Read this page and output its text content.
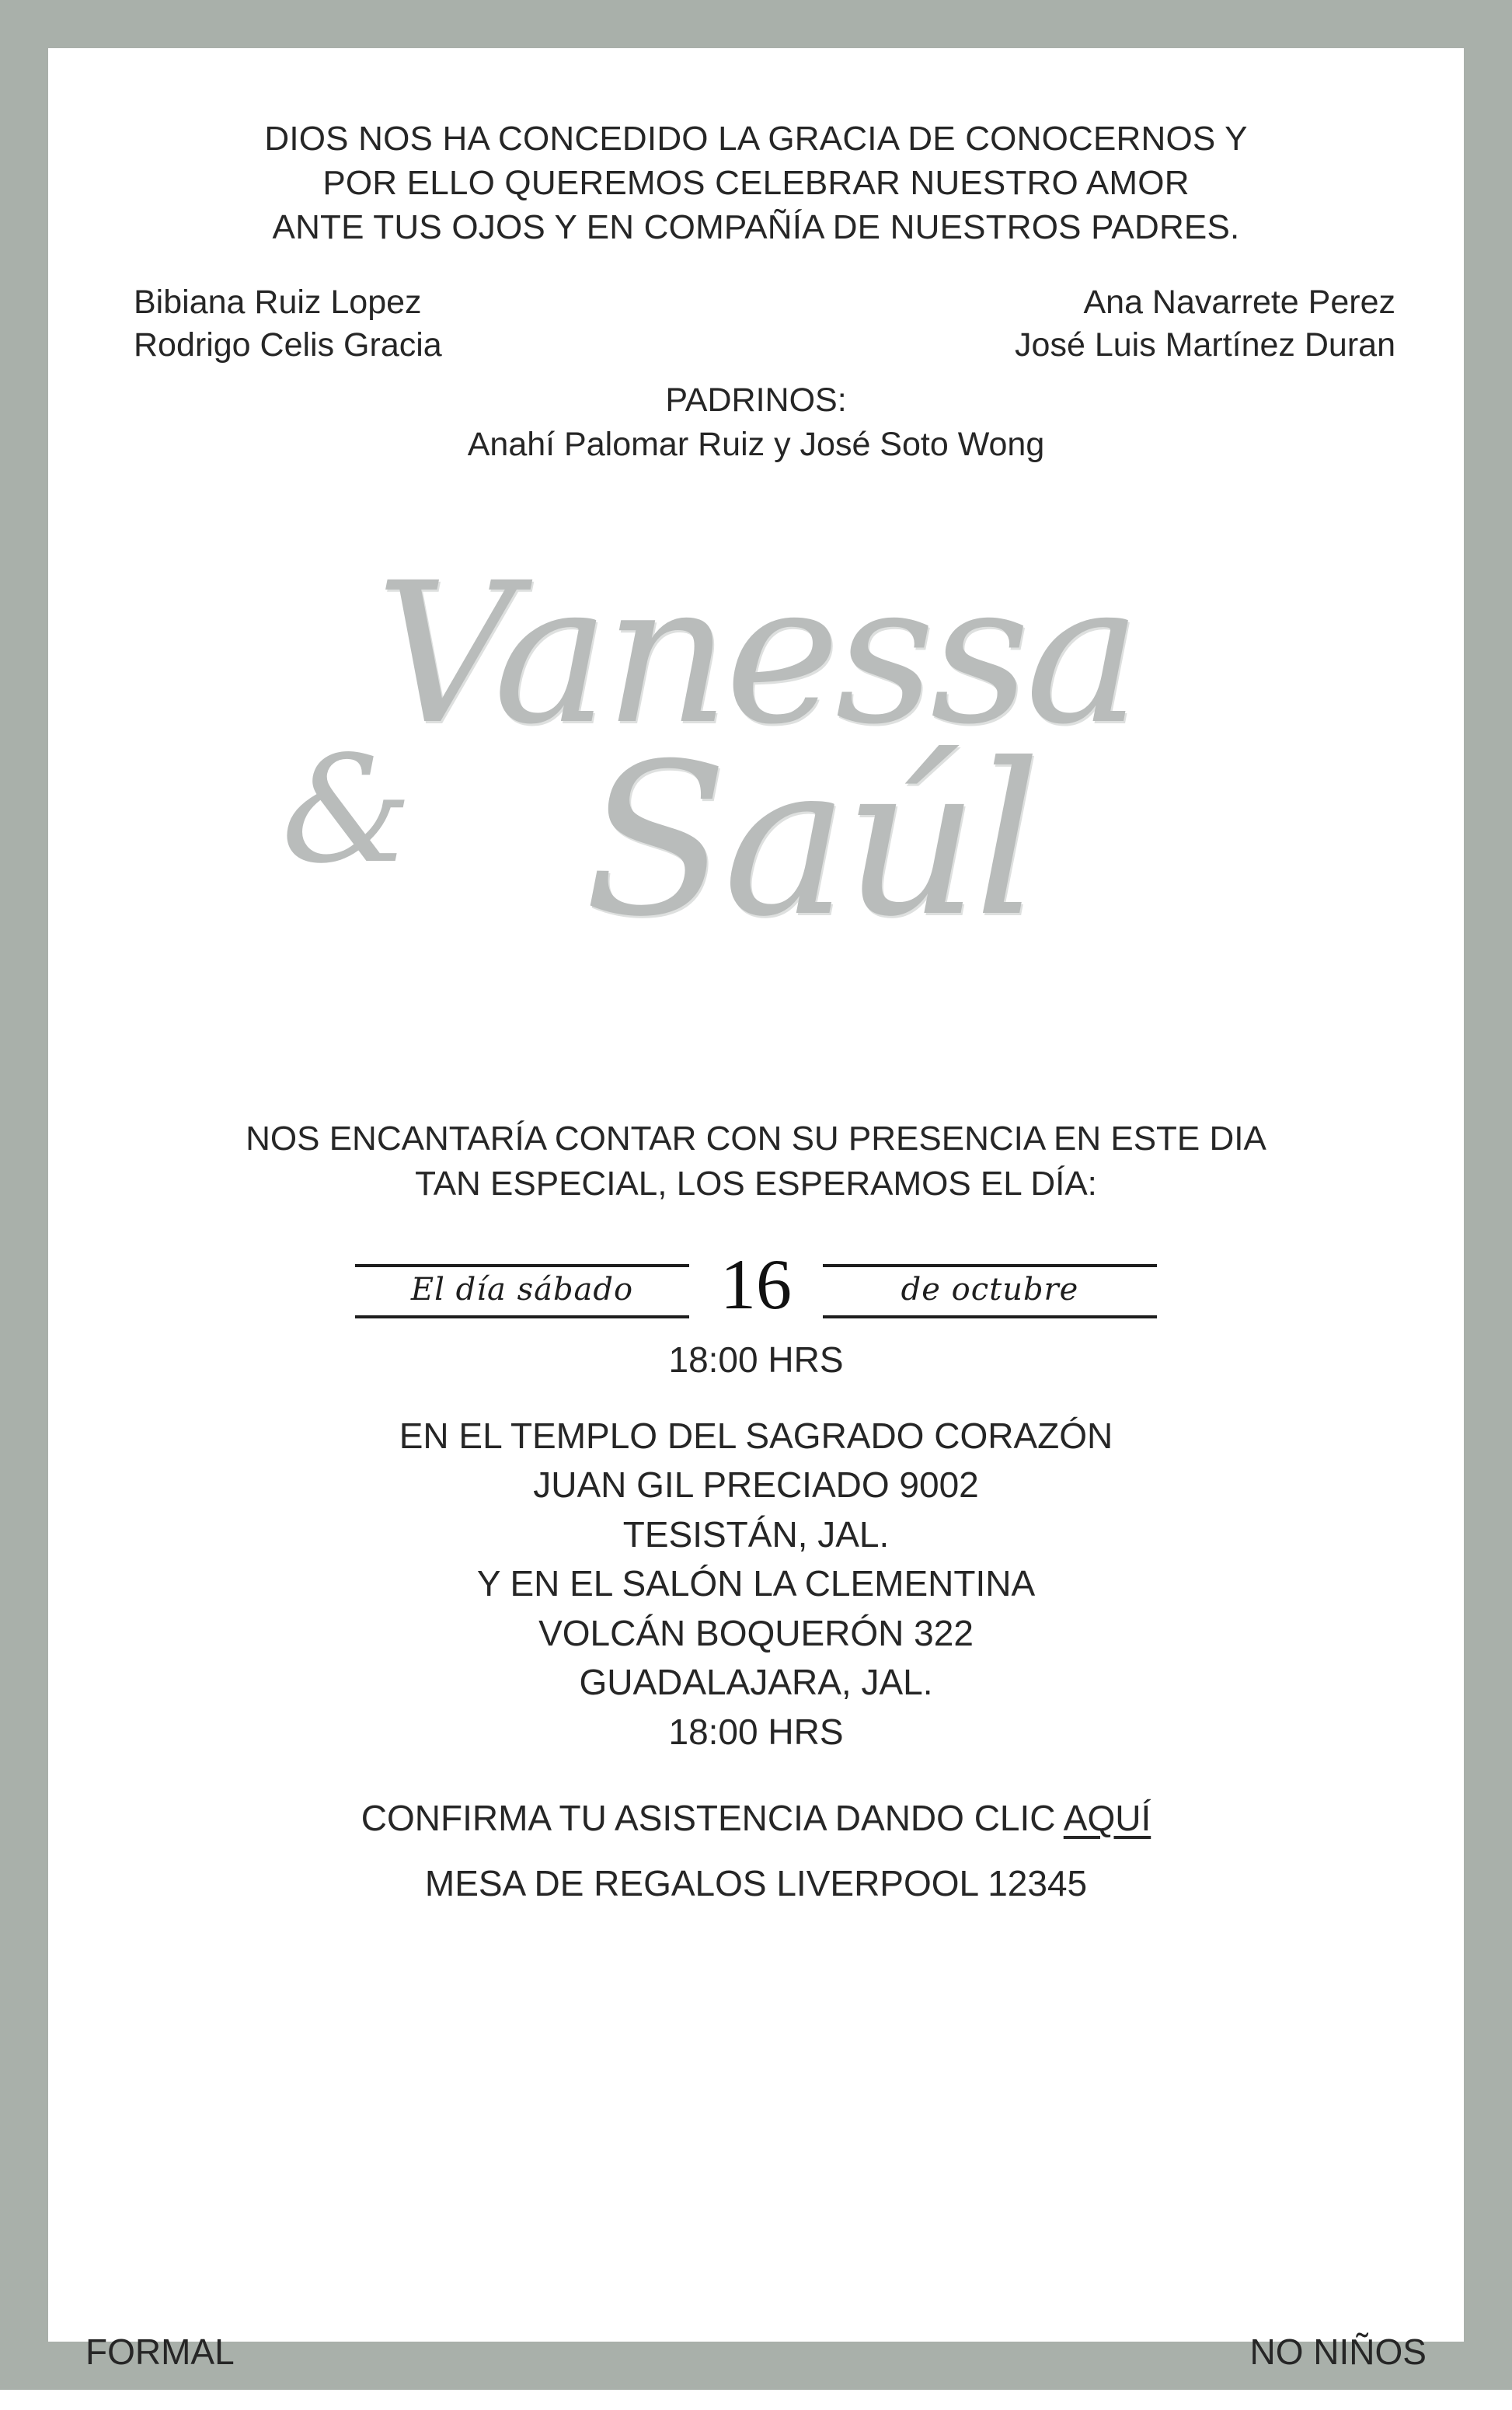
DIOS NOS HA CONCEDIDO LA GRACIA DE CONOCERNOS Y
POR ELLO QUEREMOS CELEBRAR NUESTRO AMOR
ANTE TUS OJOS Y EN COMPAÑÍA DE NUESTROS PADRES.
Bibiana Ruiz Lopez
Rodrigo Celis Gracia
Ana Navarrete Perez
José Luis Martínez Duran
PADRINOS:
Anahí Palomar Ruiz y José Soto Wong
Vanessa
& Saúl
NOS ENCANTARÍA CONTAR CON SU PRESENCIA EN ESTE DIA
TAN ESPECIAL, LOS ESPERAMOS EL DÍA:
El día sábado	16	de octubre
18:00 HRS
EN EL TEMPLO DEL SAGRADO CORAZÓN
JUAN GIL PRECIADO 9002
TESISTÁN, JAL.
Y EN EL SALÓN LA CLEMENTINA
VOLCÁN BOQUERÓN 322
GUADALAJARA, JAL.
18:00 HRS
CONFIRMA TU ASISTENCIA DANDO CLIC AQUÍ
MESA DE REGALOS LIVERPOOL 12345
FORMAL	NO NIÑOS
